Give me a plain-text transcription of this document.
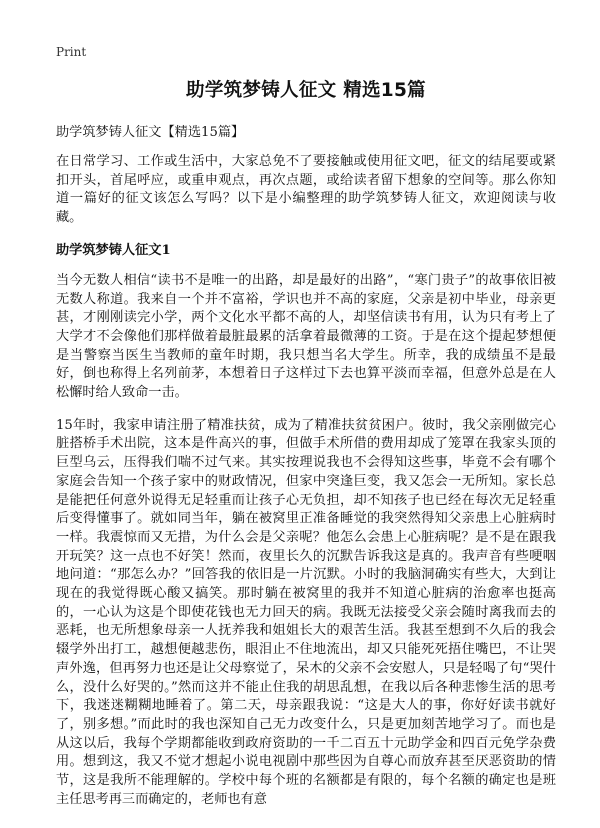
Print
助学筑梦铸人征文 精选15篇

助学筑梦铸人征文【精选15篇】

在日常学习、工作或生活中，大家总免不了要接触或使用征文吧，征文的结尾要或紧扣开头，首尾呼应，或重申观点，再次点题，或给读者留下想象的空间等。那么你知道一篇好的征文该怎么写吗？以下是小编整理的助学筑梦铸人征文，欢迎阅读与收藏。

助学筑梦铸人征文1

当今无数人相信“读书不是唯一的出路，却是最好的出路”，“寒门贵子”的故事依旧被无数人称道。我来自一个并不富裕，学识也并不高的家庭，父亲是初中毕业，母亲更甚，才刚刚读完小学，两个文化水平都不高的人，却坚信读书有用，认为只有考上了大学才不会像他们那样做着最脏最累的活拿着最微薄的工资。于是在这个提起梦想便是当警察当医生当教师的童年时期，我只想当名大学生。所幸，我的成绩虽不是最好，倒也称得上名列前茅，本想着日子这样过下去也算平淡而幸福，但意外总是在人松懈时给人致命一击。

15年时，我家申请注册了精准扶贫，成为了精准扶贫贫困户。彼时，我父亲刚做完心脏搭桥手术出院，这本是件高兴的事，但做手术所借的费用却成了笼罩在我家头顶的巨型乌云，压得我们喘不过气来。其实按理说我也不会得知这些事，毕竟不会有哪个家庭会告知一个孩子家中的财政情况，但家中突逢巨变，我又怎会一无所知。家长总是能把任何意外说得无足轻重而让孩子心无负担，却不知孩子也已经在每次无足轻重后变得懂事了。就如同当年，躺在被窝里正准备睡觉的我突然得知父亲患上心脏病时一样。我震惊而又无措，为什么会是父亲呢？他怎么会患上心脏病呢？是不是在跟我开玩笑？这一点也不好笑！然而，夜里长久的沉默告诉我这是真的。我声音有些哽咽地问道：“那怎么办？”回答我的依旧是一片沉默。小时的我脑洞确实有些大，大到让现在的我觉得既心酸又搞笑。那时躺在被窝里的我并不知道心脏病的治愈率也挺高的，一心认为这是个即使花钱也无力回天的病。我既无法接受父亲会随时离我而去的恶耗，也无所想象母亲一人抚养我和姐姐长大的艰苦生活。我甚至想到不久后的我会辍学外出打工，越想便越悲伤，眼泪止不住地流出，却又只能死死捂住嘴巴，不让哭声外逸，但再努力也还是让父母察觉了，呆木的父亲不会安慰人，只是轻喝了句“哭什么，没什么好哭的。”然而这并不能止住我的胡思乱想，在我以后各种悲惨生活的思考下，我迷迷糊糊地睡着了。第二天，母亲跟我说：“这是大人的事，你好好读书就好了，别多想。”而此时的我也深知自己无力改变什么，只是更加刻苦地学习了。而也是从这以后，我每个学期都能收到政府资助的一千二百五十元助学金和四百元免学杂费用。想到这，我又不觉才想起小说电视剧中那些因为自尊心而放弃甚至厌恶资助的情节，这是我所不能理解的。学校中每个班的名额都是有限的，每个名额的确定也是班主任思考再三而确定的，老师也有意
